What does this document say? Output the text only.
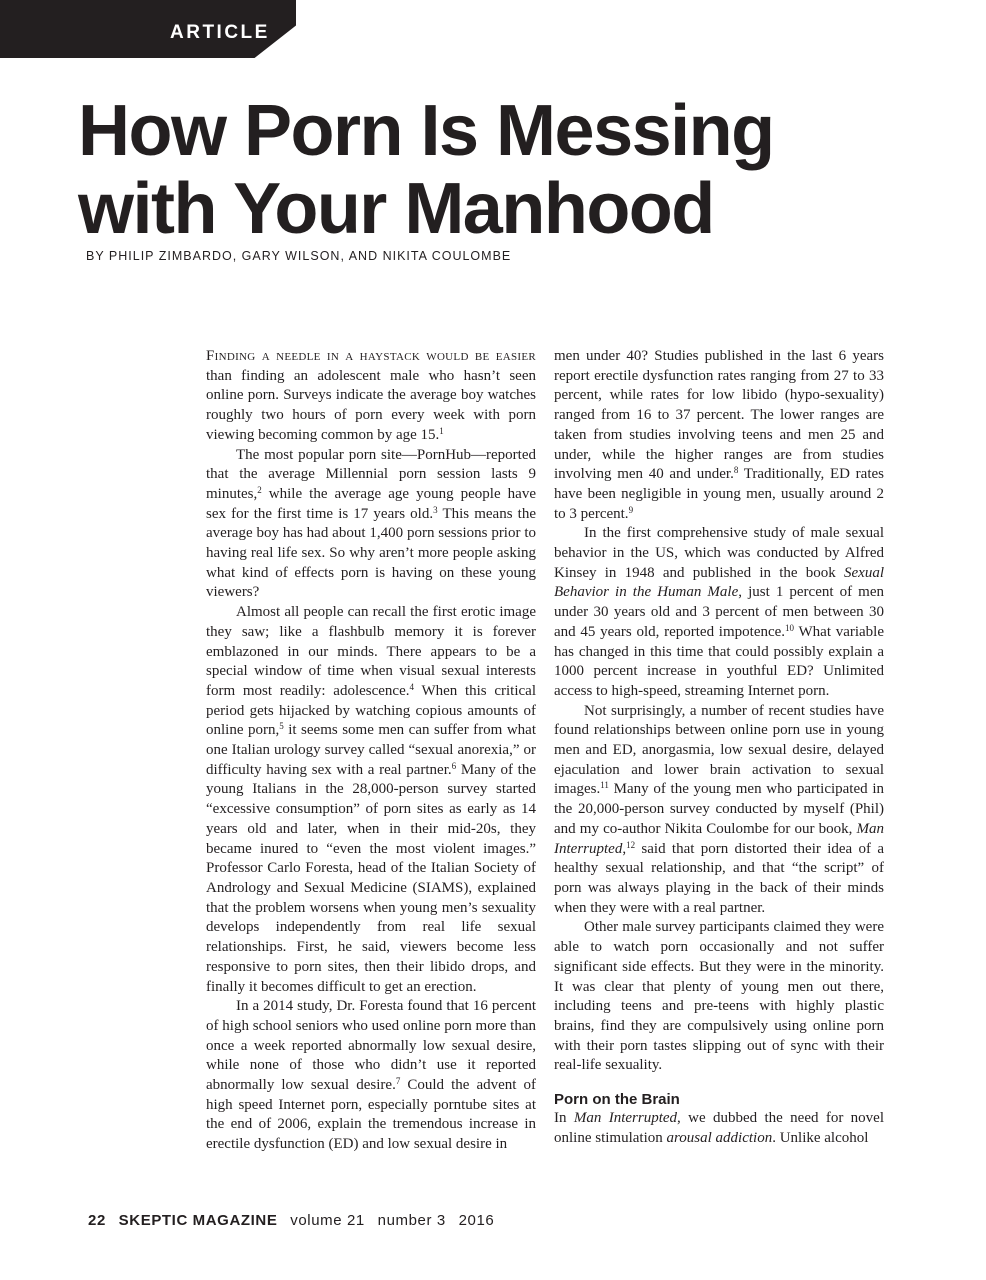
ARTICLE
How Porn Is Messing
with Your Manhood
BY PHILIP ZIMBARDO, GARY WILSON, AND NIKITA COULOMBE

Finding a needle in a haystack would be easier than finding an adolescent male who hasn’t seen online porn. Surveys indicate the average boy watches roughly two hours of porn every week with porn viewing becoming common by age 15.$^1$

The most popular porn site—PornHub—reported that the average Millennial porn session lasts 9 minutes,$^2$ while the average age young people have sex for the first time is 17 years old.$^3$ This means the average boy has had about 1,400 porn sessions prior to having real life sex. So why aren’t more people asking what kind of effects porn is having on these young viewers?

Almost all people can recall the first erotic image they saw; like a flashbulb memory it is forever emblazoned in our minds. There appears to be a special window of time when visual sexual interests form most readily: adolescence.$^4$ When this critical period gets hijacked by watching copious amounts of online porn,$^5$ it seems some men can suffer from what one Italian urology survey called “sexual anorexia,” or difficulty having sex with a real partner.$^6$ Many of the young Italians in the 28,000-person survey started “excessive consumption” of porn sites as early as 14 years old and later, when in their mid-20s, they became inured to “even the most violent images.” Professor Carlo Foresta, head of the Italian Society of Andrology and Sexual Medicine (SIAMS), explained that the problem worsens when young men’s sexuality develops independently from real life sexual relationships. First, he said, viewers become less responsive to porn sites, then their libido drops, and finally it becomes difficult to get an erection.

In a 2014 study, Dr. Foresta found that 16 percent of high school seniors who used online porn more than once a week reported abnormally low sexual desire, while none of those who didn’t use it reported abnormally low sexual desire.$^7$ Could the advent of high speed Internet porn, especially porntube sites at the end of 2006, explain the tremendous increase in erectile dysfunction (ED) and low sexual desire in

men under 40? Studies published in the last 6 years report erectile dysfunction rates ranging from 27 to 33 percent, while rates for low libido (hypo-sexuality) ranged from 16 to 37 percent. The lower ranges are taken from studies involving teens and men 25 and under, while the higher ranges are from studies involving men 40 and under.$^8$ Traditionally, ED rates have been negligible in young men, usually around 2 to 3 percent.$^9$

In the first comprehensive study of male sexual behavior in the US, which was conducted by Alfred Kinsey in 1948 and published in the book Sexual Behavior in the Human Male, just 1 percent of men under 30 years old and 3 percent of men between 30 and 45 years old, reported impotence.$^{10}$ What variable has changed in this time that could possibly explain a 1000 percent increase in youthful ED? Unlimited access to high-speed, streaming Internet porn.

Not surprisingly, a number of recent studies have found relationships between online porn use in young men and ED, anorgasmia, low sexual desire, delayed ejaculation and lower brain activation to sexual images.$^{11}$ Many of the young men who participated in the 20,000-person survey conducted by myself (Phil) and my co-author Nikita Coulombe for our book, Man Interrupted,$^{12}$ said that porn distorted their idea of a healthy sexual relationship, and that “the script” of porn was always playing in the back of their minds when they were with a real partner.

Other male survey participants claimed they were able to watch porn occasionally and not suffer significant side effects. But they were in the minority. It was clear that plenty of young men out there, including teens and pre-teens with highly plastic brains, find they are compulsively using online porn with their porn tastes slipping out of sync with their real-life sexuality.

Porn on the Brain

In Man Interrupted, we dubbed the need for novel online stimulation arousal addiction. Unlike alcohol

22 SKEPTIC MAGAZINE volume 21 number 3 2016
